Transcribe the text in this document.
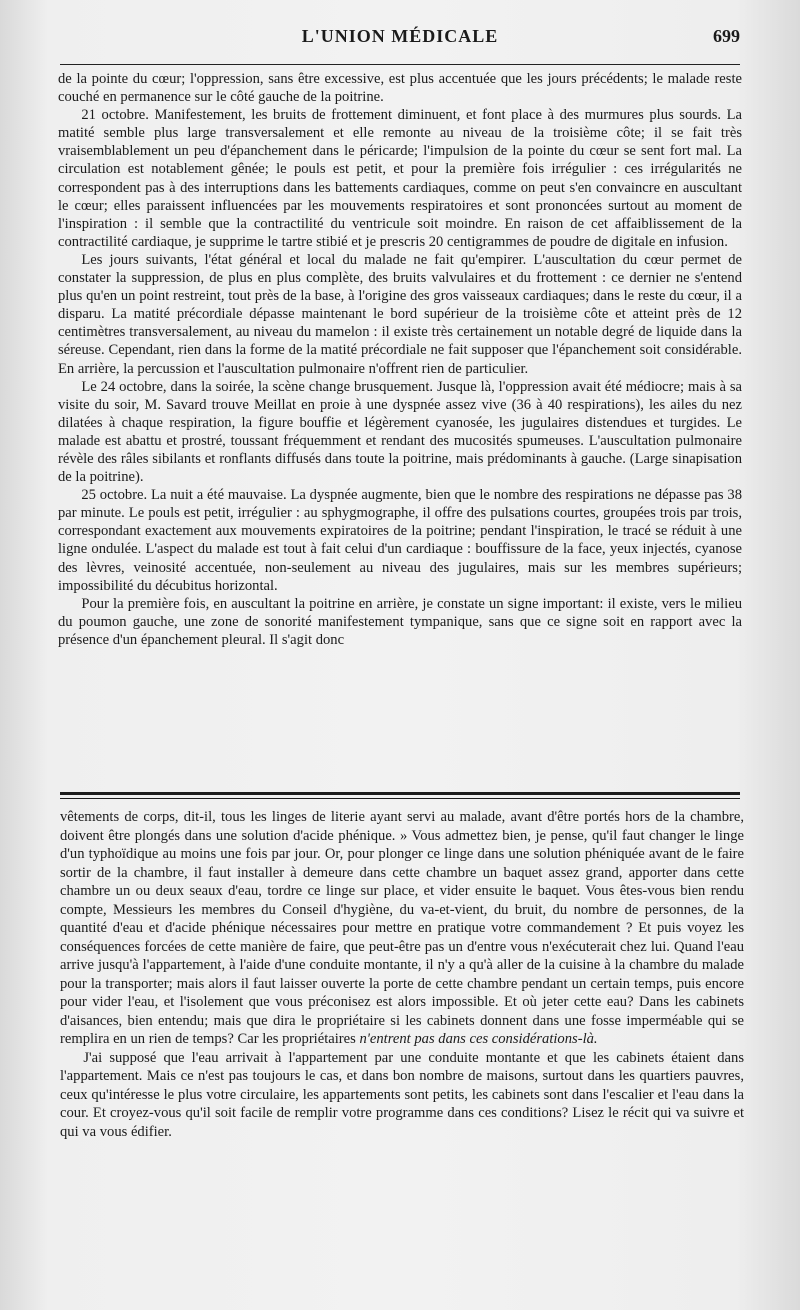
L'UNION MÉDICALE	699

de la pointe du cœur; l'oppression, sans être excessive, est plus accentuée que les jours précédents; le malade reste couché en permanence sur le côté gauche de la poitrine.

21 octobre. Manifestement, les bruits de frottement diminuent, et font place à des murmures plus sourds. La matité semble plus large transversalement et elle remonte au niveau de la troisième côte; il se fait très vraisemblablement un peu d'épanchement dans le péricarde; l'impulsion de la pointe du cœur se sent fort mal. La circulation est notablement gênée; le pouls est petit, et pour la première fois irrégulier : ces irrégularités ne correspondent pas à des interruptions dans les battements cardiaques, comme on peut s'en convaincre en auscultant le cœur; elles paraissent influencées par les mouvements respiratoires et sont prononcées surtout au moment de l'inspiration : il semble que la contractilité du ventricule soit moindre. En raison de cet affaiblissement de la contractilité cardiaque, je supprime le tartre stibié et je prescris 20 centigrammes de poudre de digitale en infusion.

Les jours suivants, l'état général et local du malade ne fait qu'empirer. L'auscultation du cœur permet de constater la suppression, de plus en plus complète, des bruits valvulaires et du frottement : ce dernier ne s'entend plus qu'en un point restreint, tout près de la base, à l'origine des gros vaisseaux cardiaques; dans le reste du cœur, il a disparu. La matité précordiale dépasse maintenant le bord supérieur de la troisième côte et atteint près de 12 centimètres transversalement, au niveau du mamelon : il existe très certainement un notable degré de liquide dans la séreuse. Cependant, rien dans la forme de la matité précordiale ne fait supposer que l'épanchement soit considérable. En arrière, la percussion et l'auscultation pulmonaire n'offrent rien de particulier.

Le 24 octobre, dans la soirée, la scène change brusquement. Jusque là, l'oppression avait été médiocre; mais à sa visite du soir, M. Savard trouve Meillat en proie à une dyspnée assez vive (36 à 40 respirations), les ailes du nez dilatées à chaque respiration, la figure bouffie et légèrement cyanosée, les jugulaires distendues et turgides. Le malade est abattu et prostré, toussant fréquemment et rendant des mucosités spumeuses. L'auscultation pulmonaire révèle des râles sibilants et ronflants diffusés dans toute la poitrine, mais prédominants à gauche. (Large sinapisation de la poitrine).

25 octobre. La nuit a été mauvaise. La dyspnée augmente, bien que le nombre des respirations ne dépasse pas 38 par minute. Le pouls est petit, irrégulier : au sphygmographe, il offre des pulsations courtes, groupées trois par trois, correspondant exactement aux mouvements expiratoires de la poitrine; pendant l'inspiration, le tracé se réduit à une ligne ondulée. L'aspect du malade est tout à fait celui d'un cardiaque : bouffissure de la face, yeux injectés, cyanose des lèvres, veinosité accentuée, non-seulement au niveau des jugulaires, mais sur les membres supérieurs; impossibilité du décubitus horizontal.

Pour la première fois, en auscultant la poitrine en arrière, je constate un signe important: il existe, vers le milieu du poumon gauche, une zone de sonorité manifestement tympanique, sans que ce signe soit en rapport avec la présence d'un épanchement pleural. Il s'agit donc

vêtements de corps, dit-il, tous les linges de literie ayant servi au malade, avant d'être portés hors de la chambre, doivent être plongés dans une solution d'acide phénique. » Vous admettez bien, je pense, qu'il faut changer le linge d'un typhoïdique au moins une fois par jour. Or, pour plonger ce linge dans une solution phéniquée avant de le faire sortir de la chambre, il faut installer à demeure dans cette chambre un baquet assez grand, apporter dans cette chambre un ou deux seaux d'eau, tordre ce linge sur place, et vider ensuite le baquet. Vous êtes-vous bien rendu compte, Messieurs les membres du Conseil d'hygiène, du va-et-vient, du bruit, du nombre de personnes, de la quantité d'eau et d'acide phénique nécessaires pour mettre en pratique votre commandement ? Et puis voyez les conséquences forcées de cette manière de faire, que peut-être pas un d'entre vous n'exécuterait chez lui. Quand l'eau arrive jusqu'à l'appartement, à l'aide d'une conduite montante, il n'y a qu'à aller de la cuisine à la chambre du malade pour la transporter; mais alors il faut laisser ouverte la porte de cette chambre pendant un certain temps, puis encore pour vider l'eau, et l'isolement que vous préconisez est alors impossible. Et où jeter cette eau? Dans les cabinets d'aisances, bien entendu; mais que dira le propriétaire si les cabinets donnent dans une fosse imperméable qui se remplira en un rien de temps? Car les propriétaires n'entrent pas dans ces considérations-là.

J'ai supposé que l'eau arrivait à l'appartement par une conduite montante et que les cabinets étaient dans l'appartement. Mais ce n'est pas toujours le cas, et dans bon nombre de maisons, surtout dans les quartiers pauvres, ceux qu'intéresse le plus votre circulaire, les appartements sont petits, les cabinets sont dans l'escalier et l'eau dans la cour. Et croyez-vous qu'il soit facile de remplir votre programme dans ces conditions? Lisez le récit qui va suivre et qui va vous édifier.
